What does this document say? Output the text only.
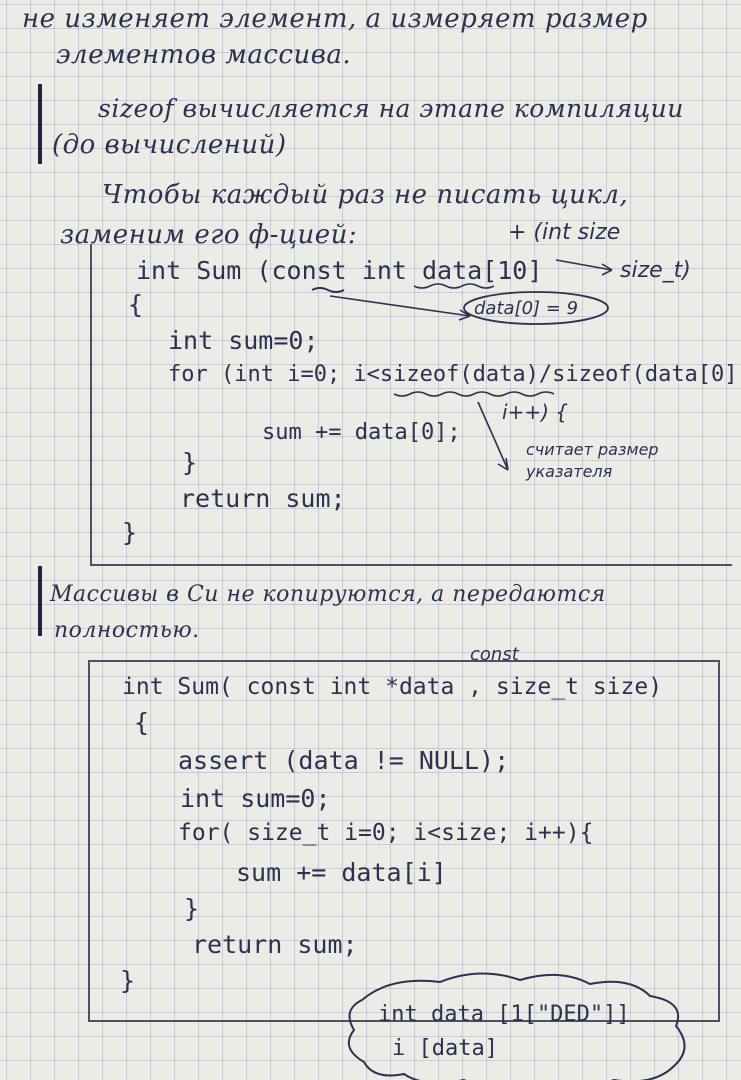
не изменяет элемент, а измеряет размер
элементов массива.
sizeof вычисляется на этапе компиляции
(до вычислений)
Чтобы каждый раз не писать цикл,
заменим его ф-цией:	+ (int size
size_t)
int Sum (const int data[10]
{
int sum=0;
for (int i=0; i<sizeof(data)/sizeof(data[0]
i++) {
sum += data[0];
считает размер
указателя
}
return sum;
}
data[0] = 9
Массивы в Си не копируются, а передаются
полностью.
const
int Sum( const int *data , size_t size)
{
assert (data != NULL);
int sum=0;
for( size_t i=0; i<size; i++){
sum += data[i]
}
return sum;
}
int data [1["DED"]]
i [data]
